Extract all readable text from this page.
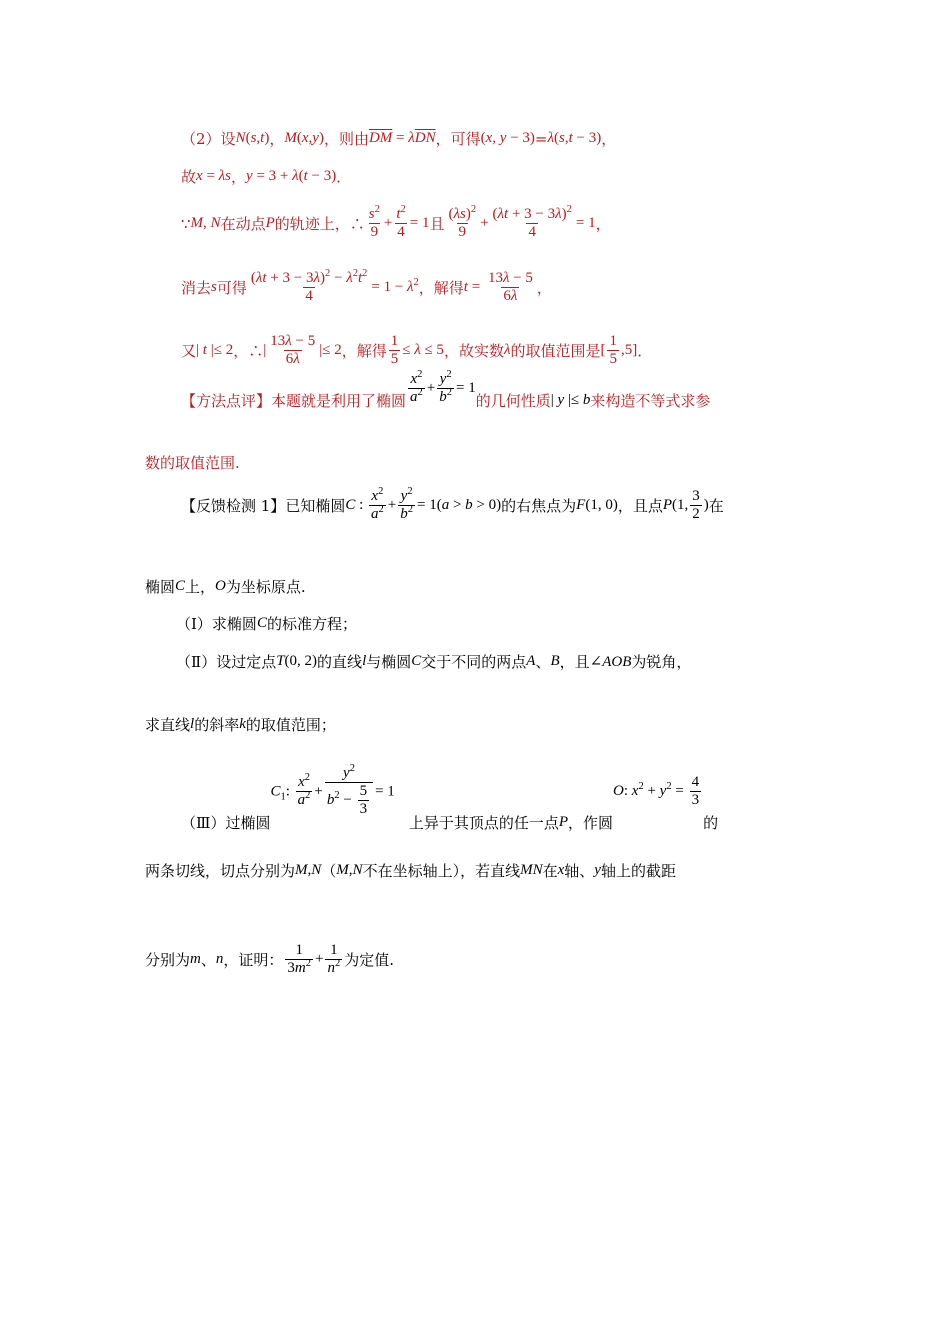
（2）设 N(s,t) ， M(x,y) ，则由 $\overline{DM} = \lambda\overline{DN}$ ，可得 (x, y − 3) = λ(s,t − 3) ，
故 x = λs ， y = 3 + λ(t − 3) ．
∵ M, N 在动点 P 的轨迹上，∴ $\frac{s^2}{9} + \frac{t^2}{4} = 1$ 且 $\frac{(\lambda s)^2}{9} + \frac{(\lambda t + 3 - 3\lambda)^2}{4} = 1$ ，
消去 s 可得 $\frac{(\lambda t + 3 - 3\lambda)^2 - \lambda^2t^2}{4} = 1 - \lambda^2$ ，解得 $t = \frac{13\lambda - 5}{6\lambda}$ ，
又 | t |≤ 2 ，∴ | $\frac{13\lambda - 5}{6\lambda}$ |≤ 2 ，解得 $\frac{1}{5} \le \lambda \le 5$ ，故实数 λ 的取值范围是 [ $\frac{1}{5} ,5$] ．
【方法点评】 本题就是利用了椭圆 $\frac{x^2}{a^2} + \frac{y^2}{b^2} = 1$
的几何性质 | y |≤ b 来构造不等式求参
数的取值范围.
【反馈检测 1】 已知椭圆 C : $\frac{x^2}{a^2} + \frac{y^2}{b^2} = 1(a > b > 0)$ 的右焦点为 F(1, 0) ，且点 P(1, $\frac{3}{2}$ ) 在
椭圆 C 上， O 为坐标原点.
（Ⅰ）求椭圆 C 的标准方程；
（Ⅱ）设过定点 T(0, 2) 的直线 l 与椭圆 C 交于不同的两点 A 、 B ，且 ∠AOB 为锐角，
求直线 l 的斜率 k 的取值范围；
（Ⅲ）过椭圆
$C_1$: $\frac{x^2}{a^2} + \frac{y^2}{b^2 - \frac{5}{3}} = 1$
上异于其顶点的任一点 P ，作圆
O: $x^2 + y^2 = \frac{4}{3}$
的
两条切线，切点分别为 M,N （ M,N 不在坐标轴上），若直线 MN 在 x 轴、 y 轴上的截距
分别为 m 、 n ，证明： $\frac{1}{3m^2} + \frac{1}{n^2}$ 为定值.
